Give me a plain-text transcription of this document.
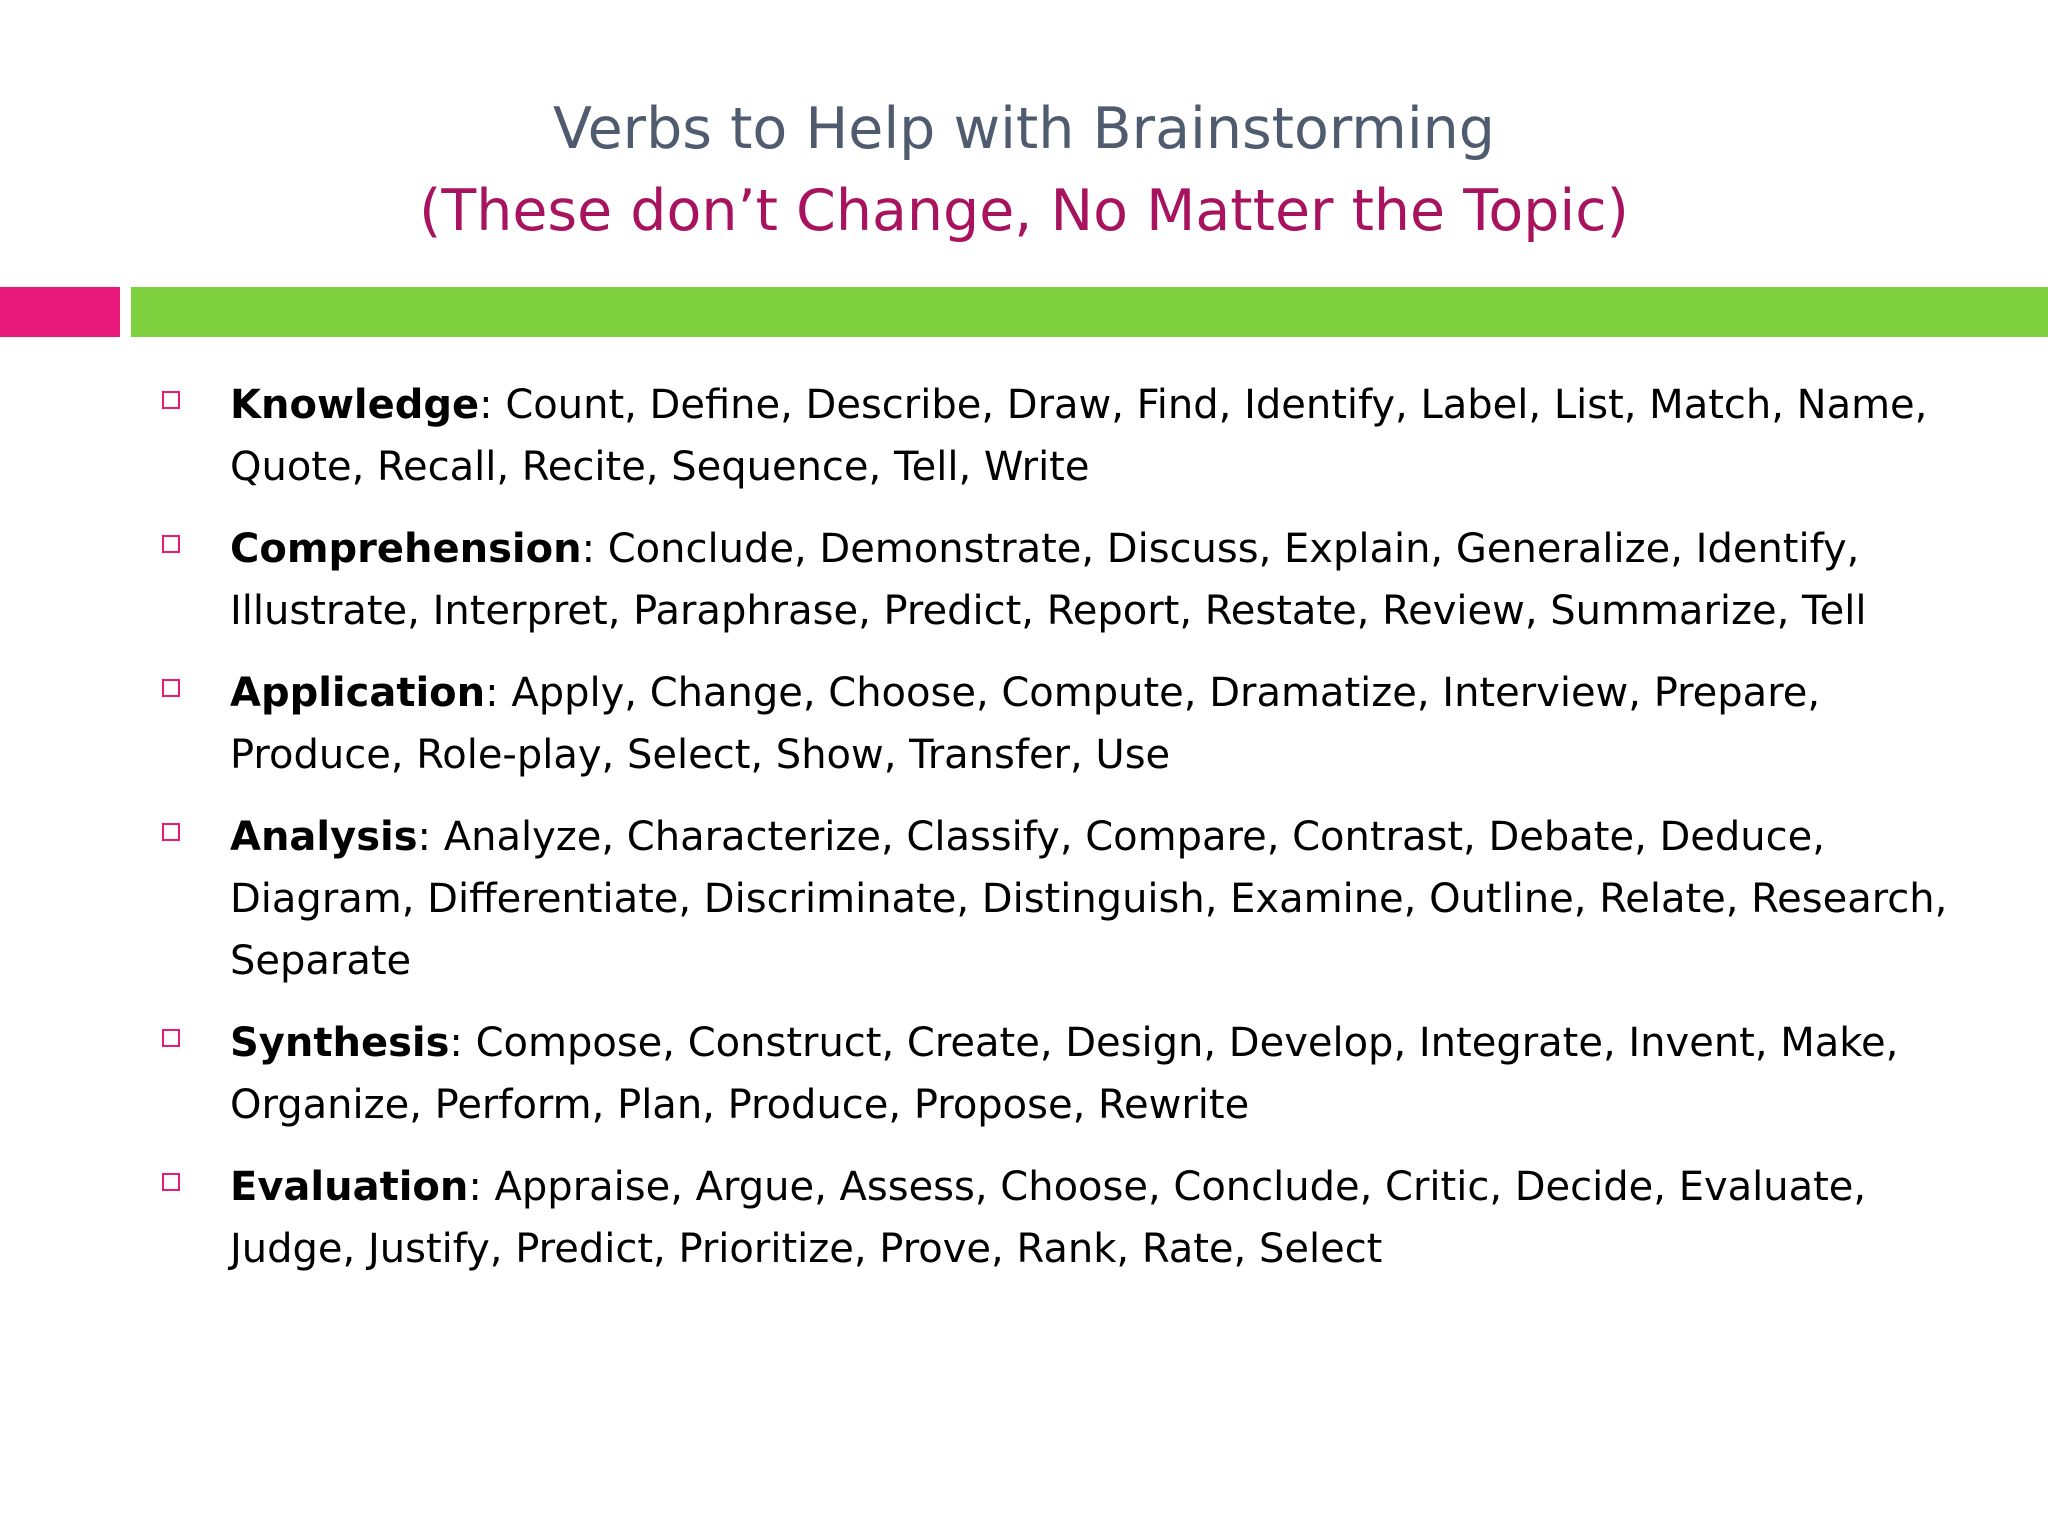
Verbs to Help with Brainstorming
(These don’t Change, No Matter the Topic)
Knowledge: Count, Define, Describe, Draw, Find, Identify, Label, List, Match, Name, Quote, Recall, Recite, Sequence, Tell, Write
Comprehension: Conclude, Demonstrate, Discuss, Explain, Generalize, Identify, Illustrate, Interpret, Paraphrase, Predict, Report, Restate, Review, Summarize, Tell
Application: Apply, Change, Choose, Compute, Dramatize, Interview, Prepare, Produce, Role-play, Select, Show, Transfer, Use
Analysis: Analyze, Characterize, Classify, Compare, Contrast, Debate, Deduce, Diagram, Differentiate, Discriminate, Distinguish, Examine, Outline, Relate, Research, Separate
Synthesis: Compose, Construct, Create, Design, Develop, Integrate, Invent, Make, Organize, Perform, Plan, Produce, Propose, Rewrite
Evaluation: Appraise, Argue, Assess, Choose, Conclude, Critic, Decide, Evaluate, Judge, Justify, Predict, Prioritize, Prove, Rank, Rate, Select
